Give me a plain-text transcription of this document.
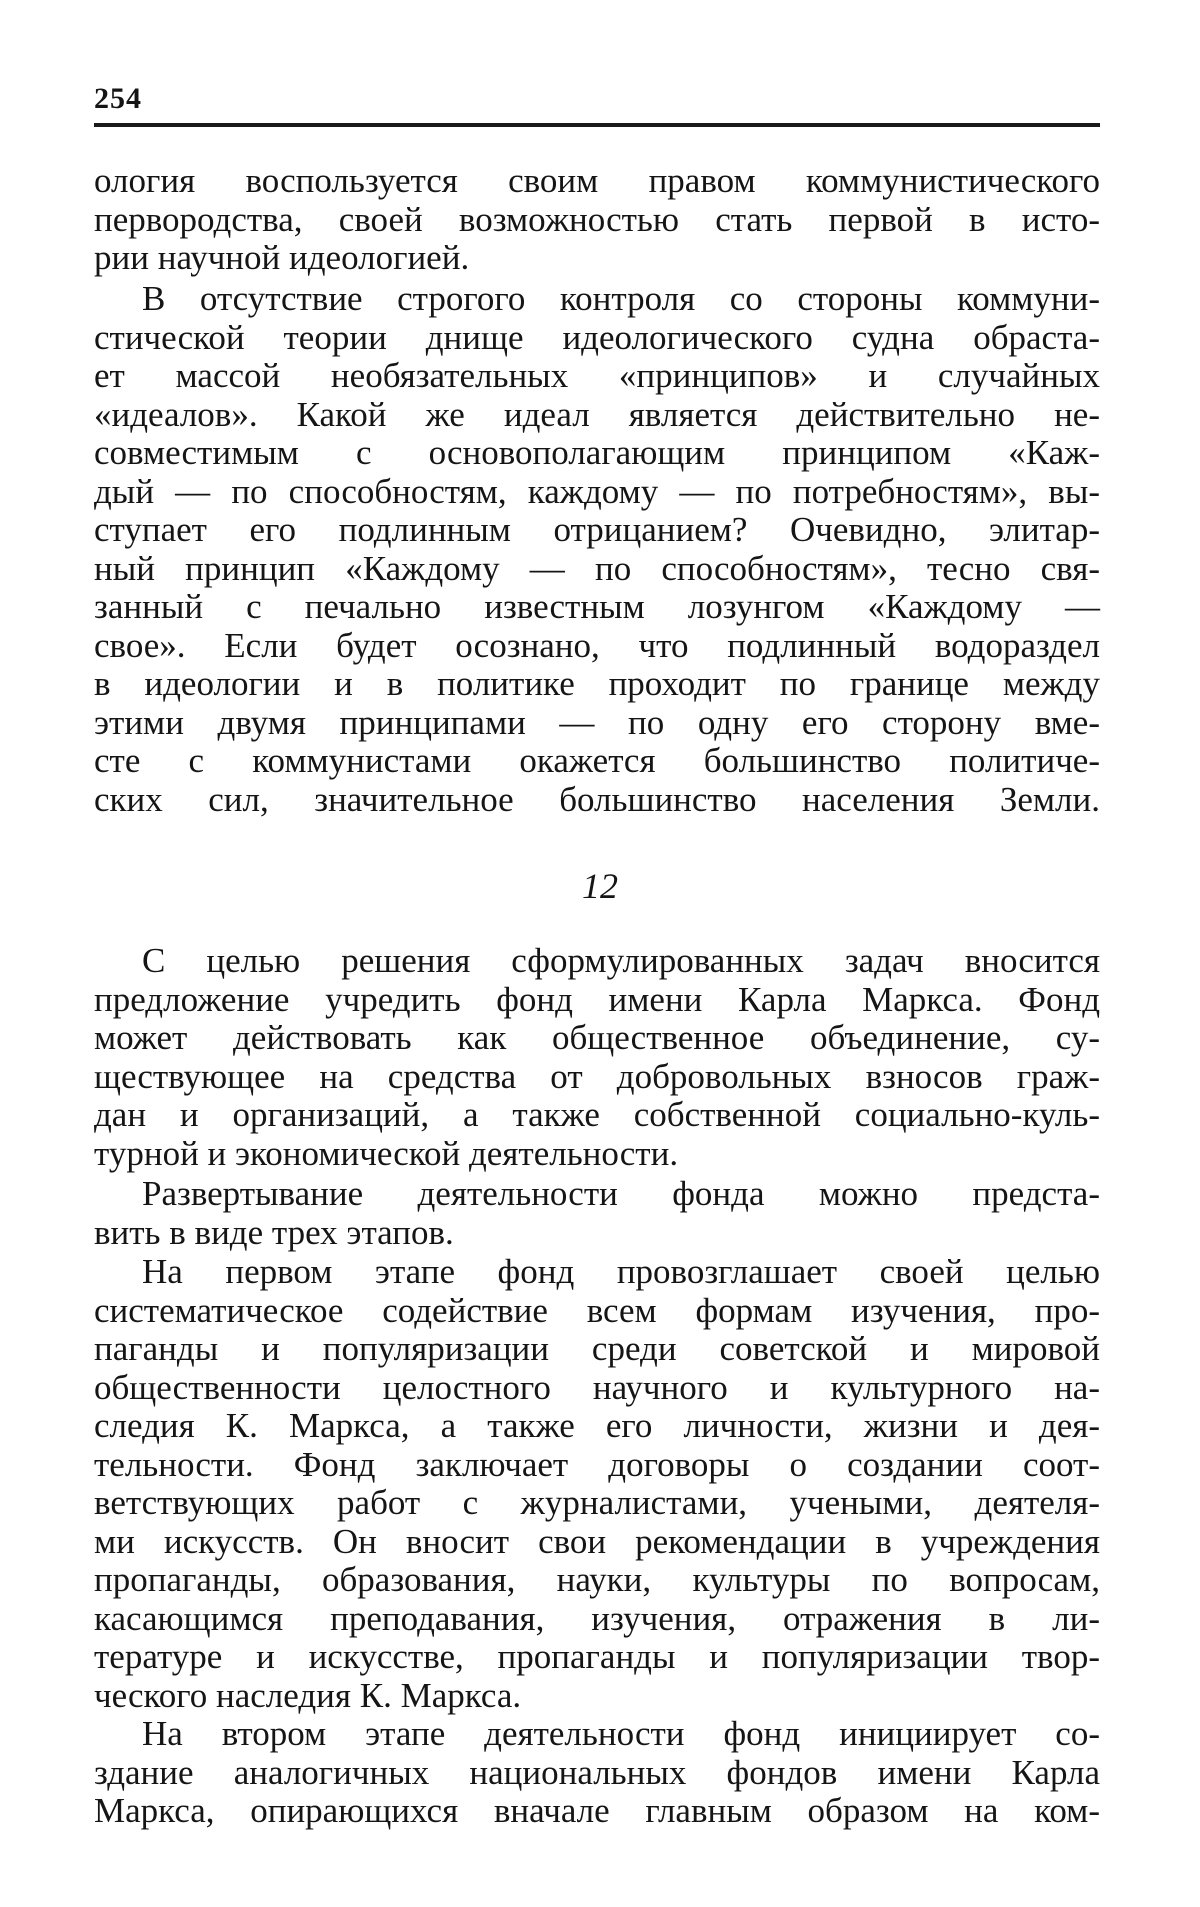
254
ология воспользуется своим правом коммунистического
первородства, своей возможностью стать первой в исто-
рии научной идеологией.
В отсутствие строгого контроля со стороны коммуни-
стической теории днище идеологического судна обраста-
ет массой необязательных «принципов» и случайных
«идеалов». Какой же идеал является действительно не-
совместимым с основополагающим принципом «Каж-
дый — по способностям, каждому — по потребностям», вы-
ступает его подлинным отрицанием? Очевидно, элитар-
ный принцип «Каждому — по способностям», тесно свя-
занный с печально известным лозунгом «Каждому —
свое». Если будет осознано, что подлинный водораздел
в идеологии и в политике проходит по границе между
этими двумя принципами — по одну его сторону вме-
сте с коммунистами окажется большинство политиче-
ских сил, значительное большинство населения Земли.
12
С целью решения сформулированных задач вносится
предложение учредить фонд имени Карла Маркса. Фонд
может действовать как общественное объединение, су-
ществующее на средства от добровольных взносов граж-
дан и организаций, а также собственной социально-куль-
турной и экономической деятельности.
Развертывание деятельности фонда можно предста-
вить в виде трех этапов.
На первом этапе фонд провозглашает своей целью
систематическое содействие всем формам изучения, про-
паганды и популяризации среди советской и мировой
общественности целостного научного и культурного на-
следия К. Маркса, а также его личности, жизни и дея-
тельности. Фонд заключает договоры о создании соот-
ветствующих работ с журналистами, учеными, деятеля-
ми искусств. Он вносит свои рекомендации в учреждения
пропаганды, образования, науки, культуры по вопросам,
касающимся преподавания, изучения, отражения в ли-
тературе и искусстве, пропаганды и популяризации твор-
ческого наследия К. Маркса.
На втором этапе деятельности фонд инициирует со-
здание аналогичных национальных фондов имени Карла
Маркса, опирающихся вначале главным образом на ком-
